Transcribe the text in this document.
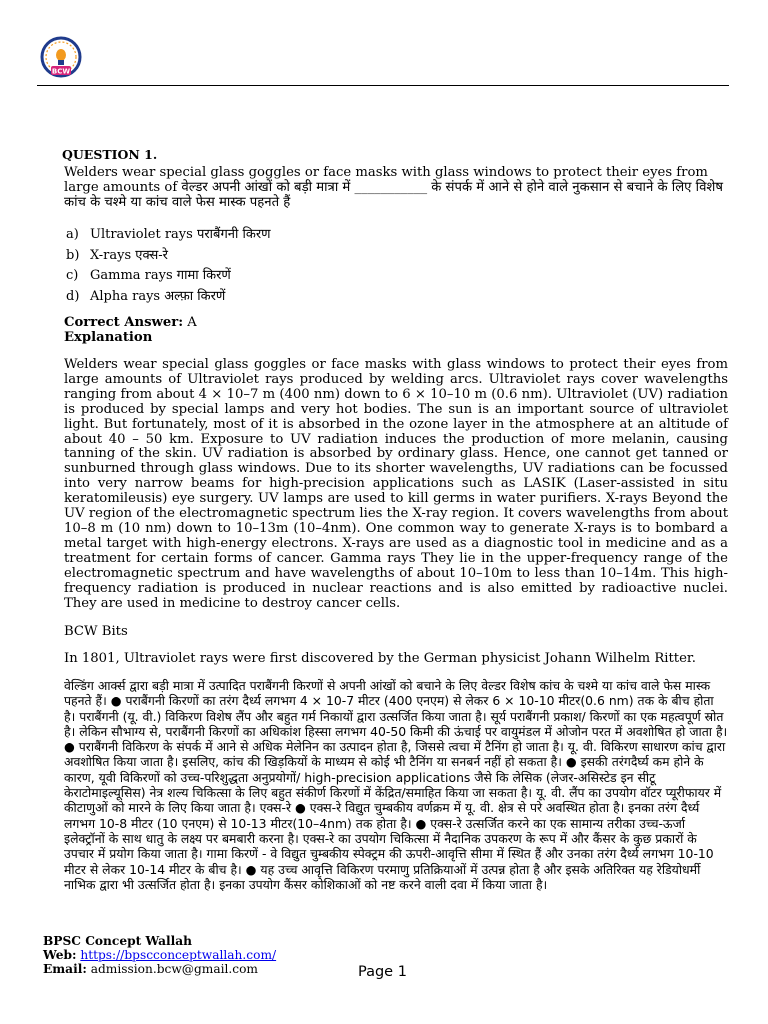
BCW
QUESTION 1.
Welders wear special glass goggles or face masks with glass windows to protect their eyes from large amounts of वेल्डर अपनी आंखों को बड़ी मात्रा में ___________ के संपर्क में आने से होने वाले नुकसान से बचाने के लिए विशेष कांच के चश्मे या कांच वाले फेस मास्क पहनते हैं
a) Ultraviolet rays पराबैंगनी किरण
b) X-rays एक्स-रे
c) Gamma rays गामा किरणें
d) Alpha rays अल्फ़ा किरणें
Correct Answer: A
Explanation
Welders wear special glass goggles or face masks with glass windows to protect their eyes from large amounts of Ultraviolet rays produced by welding arcs. Ultraviolet rays cover wavelengths ranging from about 4 × 10–7 m (400 nm) down to 6 × 10–10 m (0.6 nm). Ultraviolet (UV) radiation is produced by special lamps and very hot bodies. The sun is an important source of ultraviolet light. But fortunately, most of it is absorbed in the ozone layer in the atmosphere at an altitude of about 40 – 50 km. Exposure to UV radiation induces the production of more melanin, causing tanning of the skin. UV radiation is absorbed by ordinary glass. Hence, one cannot get tanned or sunburned through glass windows. Due to its shorter wavelengths, UV radiations can be focussed into very narrow beams for high-precision applications such as LASIK (Laser-assisted in situ keratomileusis) eye surgery. UV lamps are used to kill germs in water purifiers. X-rays Beyond the UV region of the electromagnetic spectrum lies the X-ray region. It covers wavelengths from about 10–8 m (10 nm) down to 10–13m (10–4nm). One common way to generate X-rays is to bombard a metal target with high-energy electrons. X-rays are used as a diagnostic tool in medicine and as a treatment for certain forms of cancer. Gamma rays They lie in the upper-frequency range of the electromagnetic spectrum and have wavelengths of about 10–10m to less than 10–14m. This high-frequency radiation is produced in nuclear reactions and is also emitted by radioactive nuclei. They are used in medicine to destroy cancer cells.
BCW Bits
In 1801, Ultraviolet rays were first discovered by the German physicist Johann Wilhelm Ritter.
वेल्डिंग आर्क्स द्वारा बड़ी मात्रा में उत्पादित पराबैंगनी किरणों से अपनी आंखों को बचाने के लिए वेल्डर विशेष कांच के चश्मे या कांच वाले फेस मास्क पहनते हैं। ● पराबैंगनी किरणों का तरंग दैर्ध्य लगभग 4 × 10-7 मीटर (400 एनएम) से लेकर 6 × 10-10 मीटर(0.6 nm) तक के बीच होता है। पराबैंगनी (यू. वी.) विकिरण विशेष लैंप और बहुत गर्म निकायों द्वारा उत्सर्जित किया जाता है। सूर्य पराबैंगनी प्रकाश/ किरणों का एक महत्वपूर्ण स्रोत है। लेकिन सौभाग्य से, पराबैंगनी किरणों का अधिकांश हिस्सा लगभग 40-50 किमी की ऊंचाई पर वायुमंडल में ओजोन परत में अवशोषित हो जाता है। ● पराबैंगनी विकिरण के संपर्क में आने से अधिक मेलेनिन का उत्पादन होता है, जिससे त्वचा में टैनिंग हो जाता है। यू. वी. विकिरण साधारण कांच द्वारा अवशोषित किया जाता है। इसलिए, कांच की खिड़कियों के माध्यम से कोई भी टैनिंग या सनबर्न नहीं हो सकता है। ● इसकी तरंगदैर्घ्य कम होने के कारण, यूवी विकिरणों को उच्च-परिशुद्धता अनुप्रयोगों/ high-precision applications जैसे कि लेसिक (लेजर-असिस्टेड इन सीटू केराटोमाइल्यूसिस) नेत्र शल्य चिकित्सा के लिए बहुत संकीर्ण किरणों में केंद्रित/समाहित किया जा सकता है। यू. वी. लैंप का उपयोग वॉटर प्यूरीफायर में कीटाणुओं को मारने के लिए किया जाता है। एक्स-रे ● एक्स-रे विद्युत चुम्बकीय वर्णक्रम में यू. वी. क्षेत्र से परे अवस्थित होता है। इनका तरंग दैर्ध्य लगभग 10-8 मीटर (10 एनएम) से 10-13 मीटर(10–4nm) तक होता है। ● एक्स-रे उत्सर्जित करने का एक सामान्य तरीका उच्च-ऊर्जा इलेक्ट्रॉनों के साथ धातु के लक्ष्य पर बमबारी करना है। एक्स-रे का उपयोग चिकित्सा में नैदानिक उपकरण के रूप में और कैंसर के कुछ प्रकारों के उपचार में प्रयोग किया जाता है। गामा किरणें - वे विद्युत चुम्बकीय स्पेक्ट्रम की ऊपरी-आवृत्ति सीमा में स्थित हैं और उनका तरंग दैर्ध्य लगभग 10-10 मीटर से लेकर 10-14 मीटर के बीच है। ● यह उच्च आवृत्ति विकिरण परमाणु प्रतिक्रियाओं में उत्पन्न होता है और इसके अतिरिक्त यह रेडियोधर्मी नाभिक द्वारा भी उत्सर्जित होता है। इनका उपयोग कैंसर कोशिकाओं को नष्ट करने वाली दवा में किया जाता है।
BPSC Concept Wallah
Web: https://bpscconceptwallah.com/
Email: admission.bcw@gmail.com	Page 1
